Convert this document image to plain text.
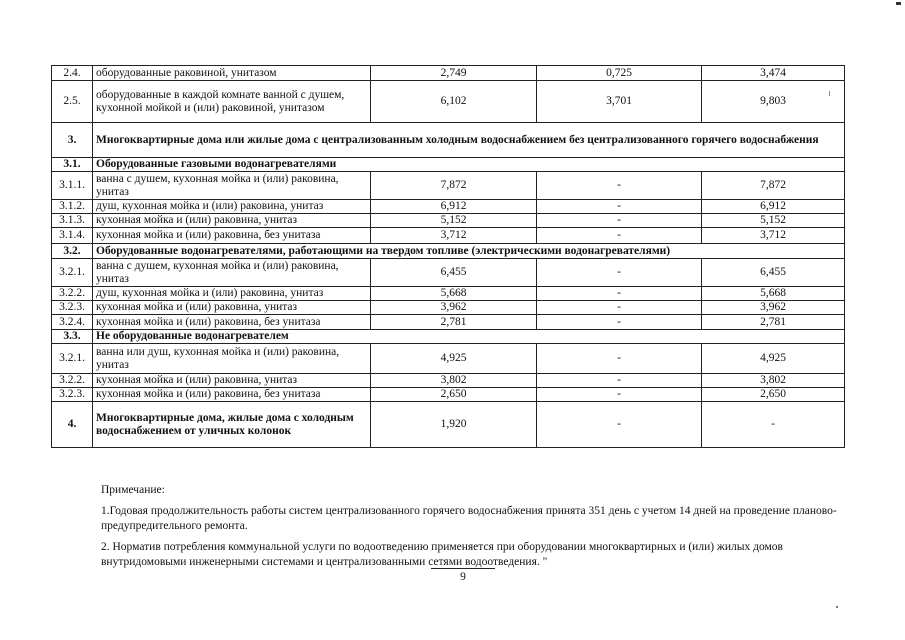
2.4.	оборудованные раковиной, унитазом	2,749	0,725	3,474
2.5.	оборудованные в каждой комнате ванной с душем, кухонной мойкой и (или) раковиной, унитазом	6,102	3,701	9,803
3.	Многоквартирные дома или жилые дома с централизованным холодным водоснабжением без централизованного горячего водоснабжения			
3.1.	Оборудованные газовыми водонагревателями			
3.1.1.	ванна с душем, кухонная мойка и (или) раковина, унитаз	7,872	-	7,872
3.1.2.	душ, кухонная мойка и (или) раковина, унитаз	6,912	-	6,912
3.1.3.	кухонная мойка и (или) раковина, унитаз	5,152	-	5,152
3.1.4.	кухонная мойка и (или) раковина, без унитаза	3,712	-	3,712
3.2.	Оборудованные водонагревателями, работающими на твердом топливе (электрическими водонагревателями)			
3.2.1.	ванна с душем, кухонная мойка и (или) раковина, унитаз	6,455	-	6,455
3.2.2.	душ, кухонная мойка и (или) раковина, унитаз	5,668	-	5,668
3.2.3.	кухонная мойка и (или) раковина, унитаз	3,962	-	3,962
3.2.4.	кухонная мойка и (или) раковина, без унитаза	2,781	-	2,781
3.3.	Не оборудованные водонагревателем			
3.2.1.	ванна или душ, кухонная мойка и (или) раковина, унитаз	4,925	-	4,925
3.2.2.	кухонная мойка и (или) раковина, унитаз	3,802	-	3,802
3.2.3.	кухонная мойка и (или) раковина, без унитаза	2,650	-	2,650
4.	Многоквартирные дома, жилые дома с холодным водоснабжением от уличных колонок	1,920	-	-

Примечание:

1.Годовая продолжительность работы систем централизованного горячего водоснабжения принята 351 день с учетом 14 дней на проведение планово-предупредительного ремонта.

2. Норматив потребления коммунальной услуги по водоотведению применяется при оборудовании многоквартирных и (или) жилых домов внутридомовыми инженерными системами и централизованными сетями водоотведения. "

9
